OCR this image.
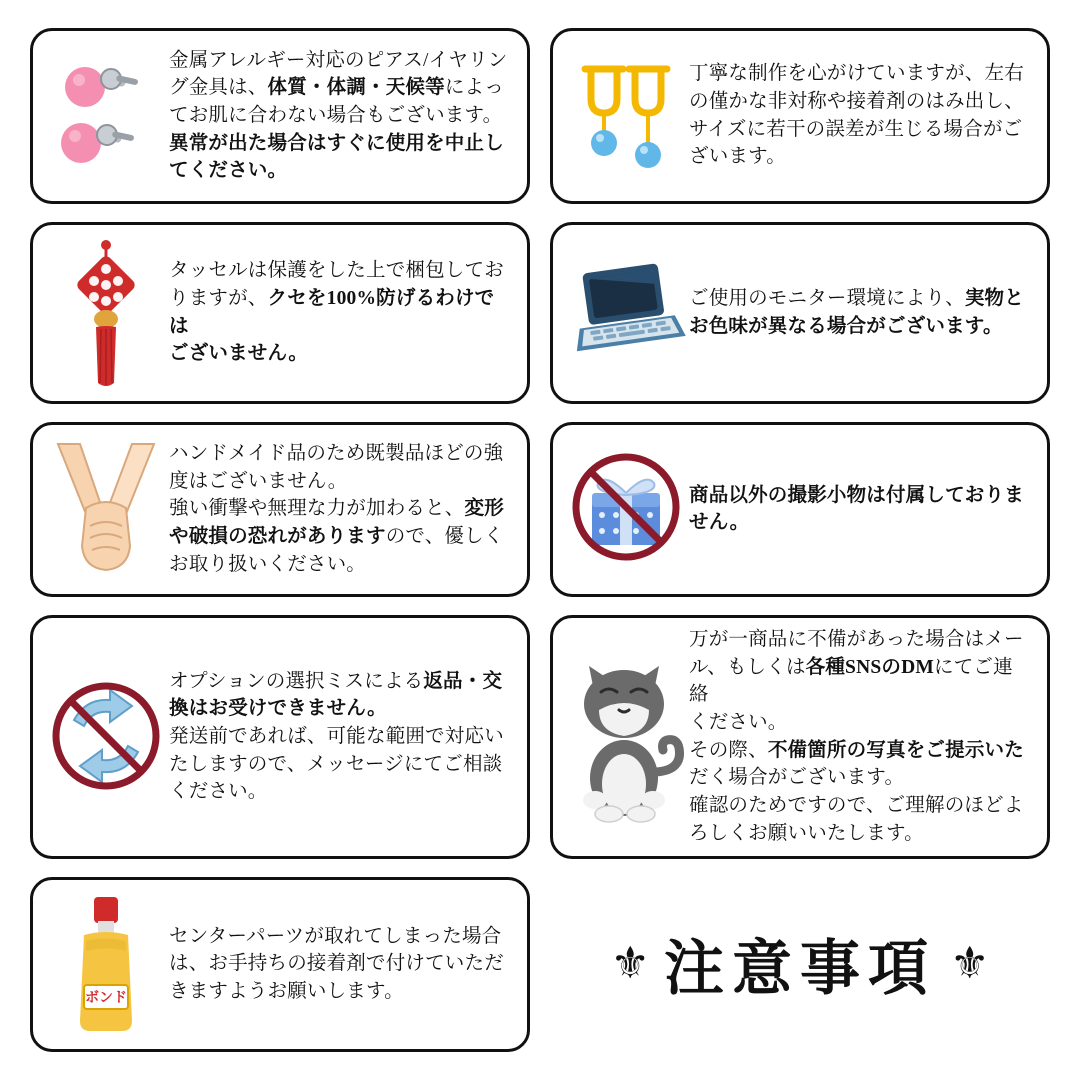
金属アレルギー対応のピアス/イヤリン

グ金具は、体質・体調・天候等によっ

てお肌に合わない場合もございます。

異常が出た場合はすぐに使用を中止し

てください。

丁寧な制作を心がけていますが、左右

の僅かな非対称や接着剤のはみ出し、

サイズに若干の誤差が生じる場合がご

ざいます。

タッセルは保護をした上で梱包してお

りますが、クセを100%防げるわけでは

ございません。

ご使用のモニター環境により、実物と

お色味が異なる場合がございます。

ハンドメイド品のため既製品ほどの強

度はございません。

強い衝撃や無理な力が加わると、変形

や破損の恐れがありますので、優しく

お取り扱いください。

商品以外の撮影小物は付属しておりま

せん。

オプションの選択ミスによる返品・交

換はお受けできません。

発送前であれば、可能な範囲で対応い

たしますので、メッセージにてご相談

ください。

万が一商品に不備があった場合はメー

ル、もしくは各種SNSのDMにてご連絡

ください。

その際、不備箇所の写真をご提示いた

だく場合がございます。

確認のためですので、ご理解のほどよ

ろしくお願いいたします。

ボンド

センターパーツが取れてしまった場合

は、お手持ちの接着剤で付けていただ

きますようお願いします。

⚜ 注意事項 ⚜
